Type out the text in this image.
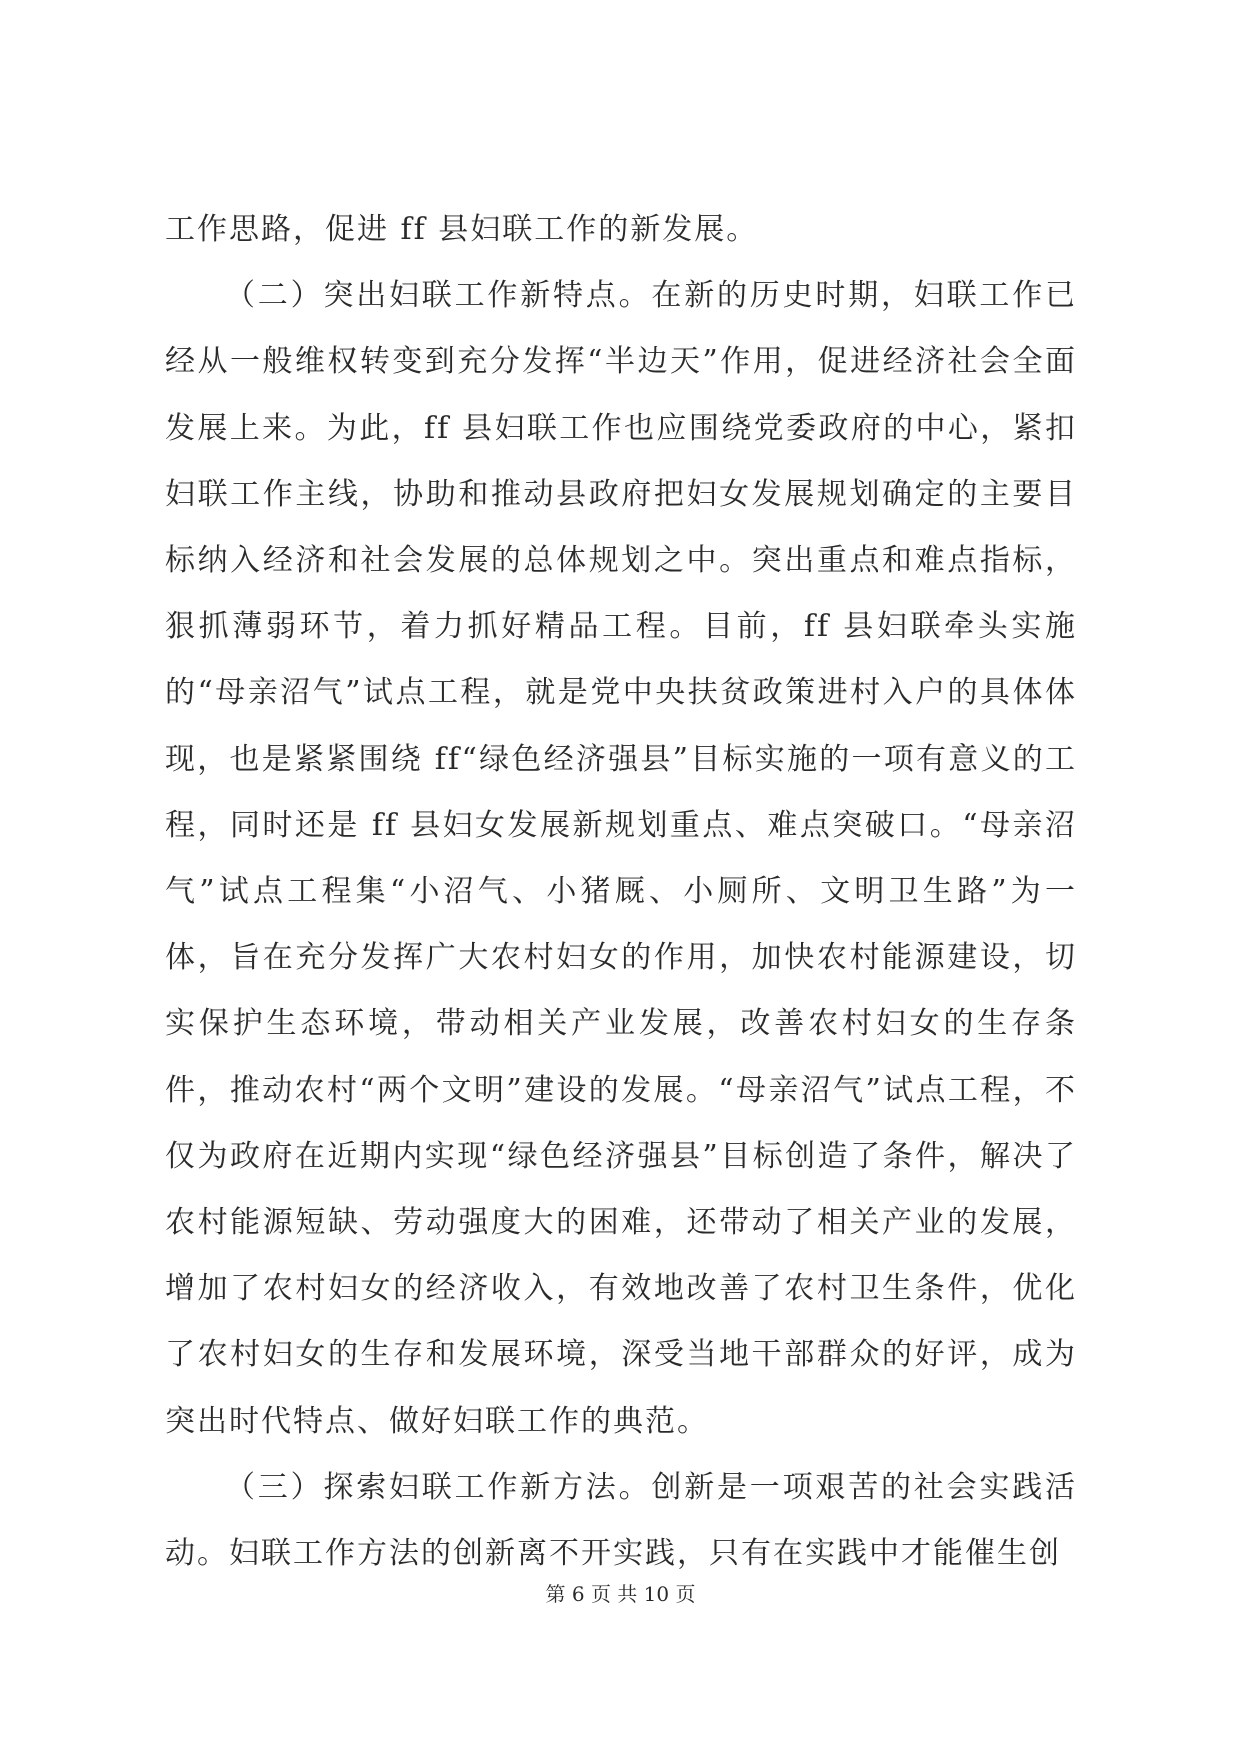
工作思路，促进 ff 县妇联工作的新发展。

（二）突出妇联工作新特点。在新的历史时期，妇联工作已经从一般维权转变到充分发挥“半边天”作用，促进经济社会全面发展上来。为此，ff 县妇联工作也应围绕党委政府的中心，紧扣妇联工作主线，协助和推动县政府把妇女发展规划确定的主要目标纳入经济和社会发展的总体规划之中。突出重点和难点指标，狠抓薄弱环节，着力抓好精品工程。目前，ff 县妇联牵头实施的“母亲沼气”试点工程，就是党中央扶贫政策进村入户的具体体现，也是紧紧围绕 ff“绿色经济强县”目标实施的一项有意义的工程，同时还是 ff 县妇女发展新规划重点、难点突破口。“母亲沼气”试点工程集“小沼气、小猪厩、小厕所、文明卫生路”为一体，旨在充分发挥广大农村妇女的作用，加快农村能源建设，切实保护生态环境，带动相关产业发展，改善农村妇女的生存条件，推动农村“两个文明”建设的发展。“母亲沼气”试点工程，不仅为政府在近期内实现“绿色经济强县”目标创造了条件，解决了农村能源短缺、劳动强度大的困难，还带动了相关产业的发展，增加了农村妇女的经济收入，有效地改善了农村卫生条件，优化了农村妇女的生存和发展环境，深受当地干部群众的好评，成为突出时代特点、做好妇联工作的典范。

（三）探索妇联工作新方法。创新是一项艰苦的社会实践活动。妇联工作方法的创新离不开实践，只有在实践中才能催生创

第 6 页 共 10 页
